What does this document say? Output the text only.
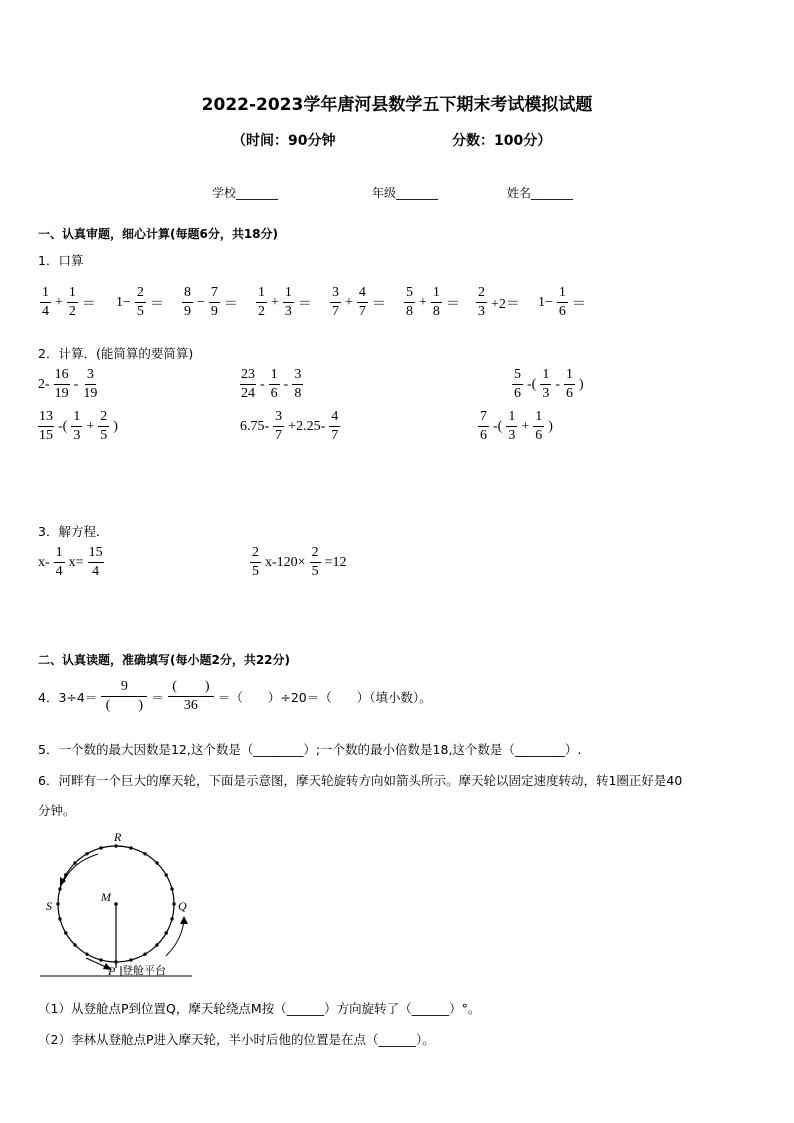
2022-2023学年唐河县数学五下期末考试模拟试题
（时间：90分钟	分数：100分）
学校_______	年级_______	姓名_______
一、认真审题，细心计算(每题6分，共18分)
1．口算
$\frac{1}{4} + \frac{1}{2} = 1- \frac{2}{5} = \frac{8}{9} - \frac{7}{9} = \frac{1}{2} + \frac{1}{3} = \frac{3}{7} + \frac{4}{7} = \frac{5}{8} + \frac{1}{8} = \frac{2}{3} +2= 1- \frac{1}{6}$ ＝
2．计算．(能简算的要简算)
$2- \frac{16}{19} - \frac{3}{19}$	$\frac{23}{24} - \frac{1}{6} - \frac{3}{8}$	$\frac{5}{6}$ -( $\frac{1}{3} - \frac{1}{6}$ )
$\frac{13}{15}$ -( $\frac{1}{3} + \frac{2}{5}$ )	$6.75- \frac{3}{7} +2.25- \frac{4}{7}$	$\frac{7}{6}$ -( $\frac{1}{3} + \frac{1}{6}$ )
3．解方程．
$x- \frac{1}{4} x= \frac{15}{4}$	$\frac{2}{5} x-120\times \frac{2}{5} =12$
二、认真读题，准确填写(每小题2分，共22分)
4．$3\div 4= \frac{9}{( )} = \frac{( )}{36}$ ＝（　　）÷20＝（　　）（填小数）。
5．一个数的最大因数是12,这个数是（________）;一个数的最小倍数是18,这个数是（________）.
6．河畔有一个巨大的摩天轮，下面是示意图，摩天轮旋转方向如箭头所示。摩天轮以固定速度转动，转1圈正好是40
分钟。
R
S	Q
M
P 登舱平台
（1）从登舱点P到位置Q，摩天轮绕点M按（______）方向旋转了（______）°。
（2）李林从登舱点P进入摩天轮，半小时后他的位置是在点（______）。
